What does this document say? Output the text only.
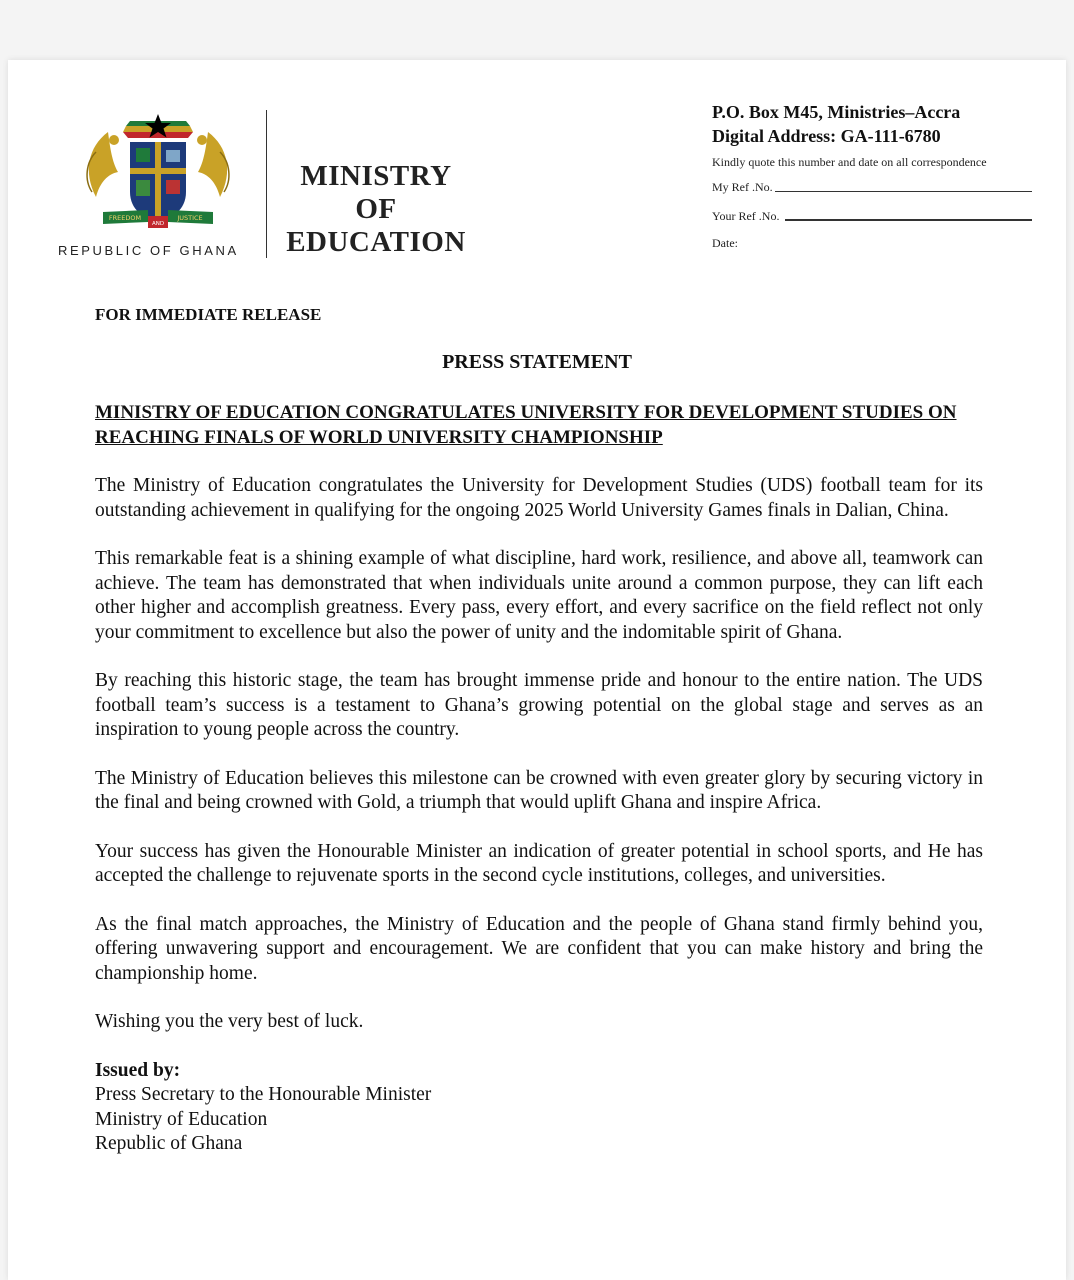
FREEDOM	JUSTICE
AND
REPUBLIC OF GHANA
MINISTRY
OF
EDUCATION
P.O. Box M45, Ministries–Accra
Digital Address: GA-111-6780
Kindly quote this number and date on all correspondence
My Ref .No.
Your Ref .No.
Date:
FOR IMMEDIATE RELEASE
PRESS STATEMENT
MINISTRY OF EDUCATION CONGRATULATES UNIVERSITY FOR DEVELOPMENT STUDIES ON REACHING FINALS OF WORLD UNIVERSITY CHAMPIONSHIP

The Ministry of Education congratulates the University for Development Studies (UDS) football team for its outstanding achievement in qualifying for the ongoing 2025 World University Games finals in Dalian, China.

This remarkable feat is a shining example of what discipline, hard work, resilience, and above all, teamwork can achieve. The team has demonstrated that when individuals unite around a common purpose, they can lift each other higher and accomplish greatness. Every pass, every effort, and every sacrifice on the field reflect not only your commitment to excellence but also the power of unity and the indomitable spirit of Ghana.

By reaching this historic stage, the team has brought immense pride and honour to the entire nation. The UDS football team’s success is a testament to Ghana’s growing potential on the global stage and serves as an inspiration to young people across the country.

The Ministry of Education believes this milestone can be crowned with even greater glory by securing victory in the final and being crowned with Gold, a triumph that would uplift Ghana and inspire Africa.

Your success has given the Honourable Minister an indication of greater potential in school sports, and He has accepted the challenge to rejuvenate sports in the second cycle institutions, colleges, and universities.

As the final match approaches, the Ministry of Education and the people of Ghana stand firmly behind you, offering unwavering support and encouragement. We are confident that you can make history and bring the championship home.

Wishing you the very best of luck.

Issued by:
Press Secretary to the Honourable Minister
Ministry of Education
Republic of Ghana
